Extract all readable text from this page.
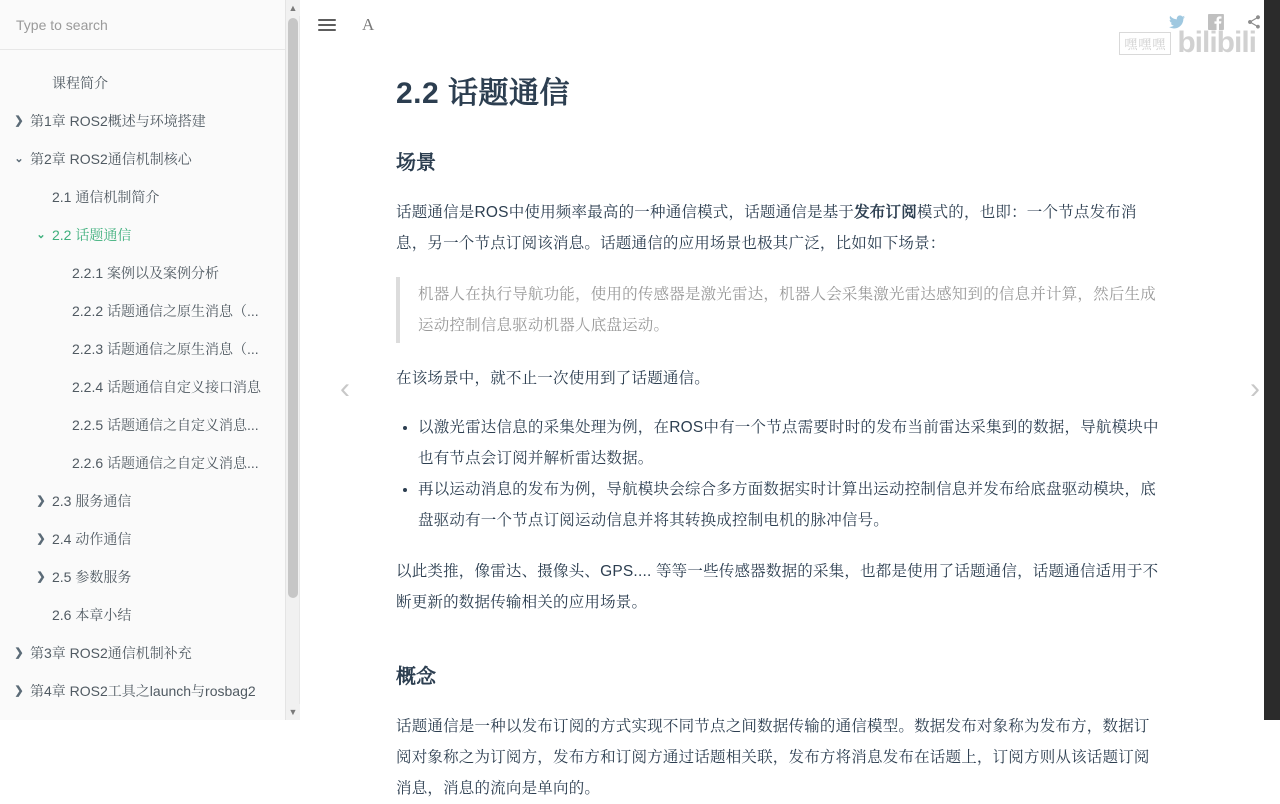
Type to search
课程简介
❯ 第1章 ROS2概述与环境搭建
⌄ 第2章 ROS2通信机制核心
2.1 通信机制简介
⌄ 2.2 话题通信
2.2.1 案例以及案例分析
2.2.2 话题通信之原生消息（...
2.2.3 话题通信之原生消息（...
2.2.4 话题通信自定义接口消息
2.2.5 话题通信之自定义消息...
2.2.6 话题通信之自定义消息...
❯ 2.3 服务通信
❯ 2.4 动作通信
❯ 2.5 参数服务
2.6 本章小结
❯ 第3章 ROS2通信机制补充
❯ 第4章 ROS2工具之launch与rosbag2
▲
▼
A
嘿嘿嘿 bilibili
2.2 话题通信
场景

话题通信是ROS中使用频率最高的一种通信模式，话题通信是基于发布订阅模式的，也即：一个节点发布消息，另一个节点订阅该消息。话题通信的应用场景也极其广泛，比如如下场景：

机器人在执行导航功能，使用的传感器是激光雷达，机器人会采集激光雷达感知到的信息并计算，然后生成运动控制信息驱动机器人底盘运动。

在该场景中，就不止一次使用到了话题通信。

• 以激光雷达信息的采集处理为例，在ROS中有一个节点需要时时的发布当前雷达采集到的数据，导航模块中也有节点会订阅并解析雷达数据。
• 再以运动消息的发布为例，导航模块会综合多方面数据实时计算出运动控制信息并发布给底盘驱动模块，底盘驱动有一个节点订阅运动信息并将其转换成控制电机的脉冲信号。

以此类推，像雷达、摄像头、GPS.... 等等一些传感器数据的采集，也都是使用了话题通信，话题通信适用于不断更新的数据传输相关的应用场景。

概念

话题通信是一种以发布订阅的方式实现不同节点之间数据传输的通信模型。数据发布对象称为发布方，数据订阅对象称之为订阅方，发布方和订阅方通过话题相关联，发布方将消息发布在话题上，订阅方则从该话题订阅消息，消息的流向是单向的。

‹	›
